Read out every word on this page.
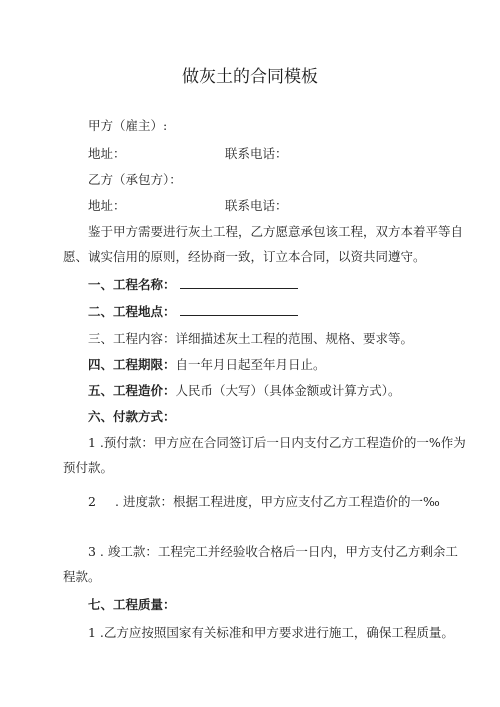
做灰土的合同模板
甲方（雇主）:
地址：	联系电话：
乙方（承包方）：
地址：	联系电话：
鉴于甲方需要进行灰土工程，乙方愿意承包该工程，双方本着平等自
愿、诚实信用的原则，经协商一致，订立本合同，以资共同遵守。
一、工程名称：
二、工程地点：
三、工程内容：详细描述灰土工程的范围、规格、要求等。
四、工程期限：自一年月日起至年月日止。
五、工程造价：人民币（大写）（具体金额或计算方式）。
六、付款方式：
1 .预付款：甲方应在合同签订后一日内支付乙方工程造价的一%作为
预付款。
2 . 进度款：根据工程进度，甲方应支付乙方工程造价的一‰
3 . 竣工款：工程完工并经验收合格后一日内，甲方支付乙方剩余工
程款。
七、工程质量：
1 .乙方应按照国家有关标准和甲方要求进行施工，确保工程质量。
